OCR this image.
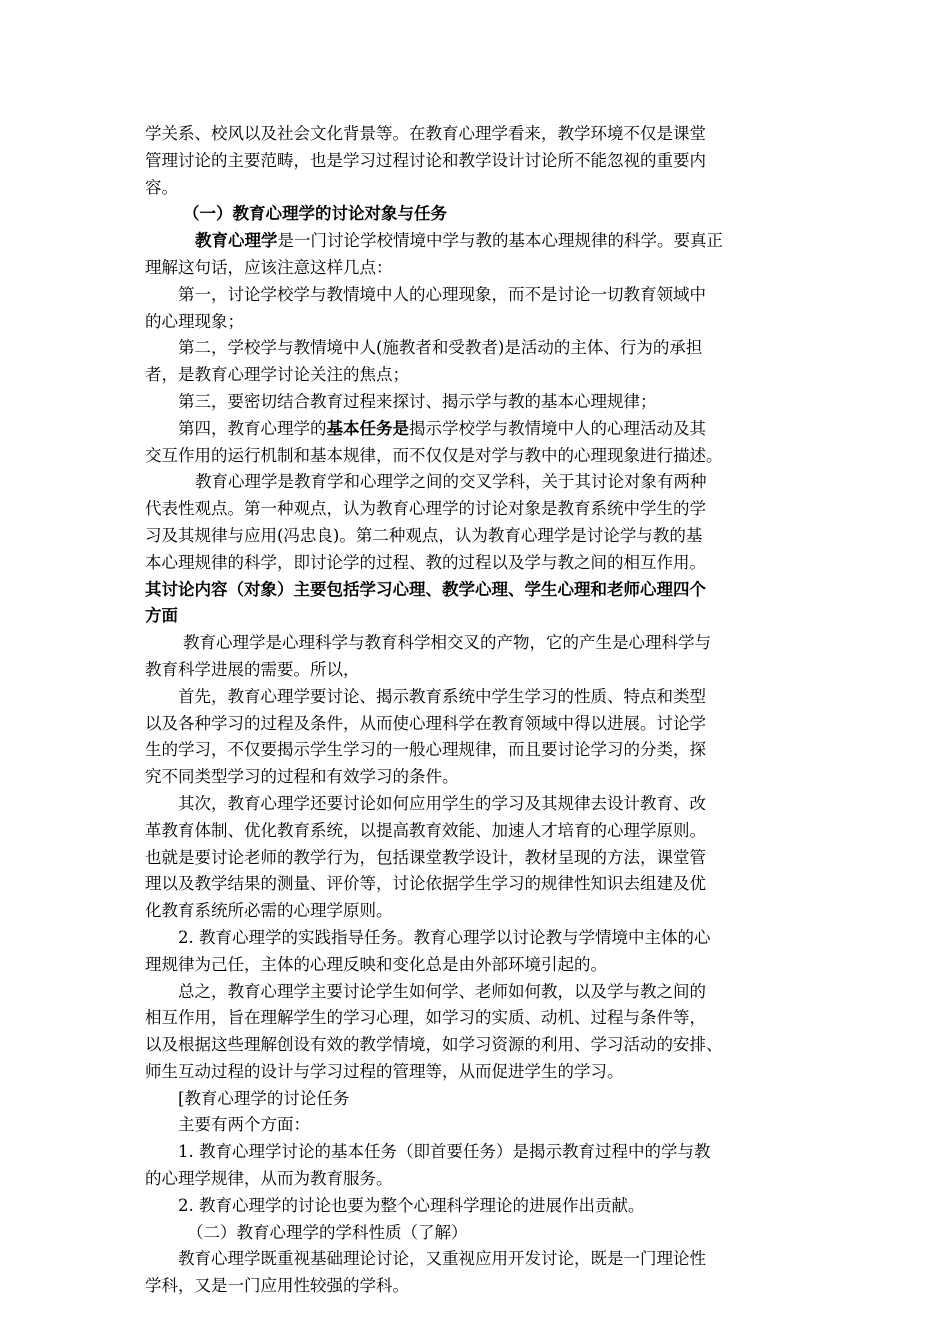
学关系、校风以及社会文化背景等。在教育心理学看来，教学环境不仅是课堂

管理讨论的主要范畴，也是学习过程讨论和教学设计讨论所不能忽视的重要内

容。

（一）教育心理学的讨论对象与任务

教育心理学是一门讨论学校情境中学与教的基本心理规律的科学。要真正

理解这句话，应该注意这样几点：

第一，讨论学校学与教情境中人的心理现象，而不是讨论一切教育领域中

的心理现象；

第二，学校学与教情境中人(施教者和受教者)是活动的主体、行为的承担

者，是教育心理学讨论关注的焦点；

第三，要密切结合教育过程来探讨、揭示学与教的基本心理规律；

第四，教育心理学的基本任务是揭示学校学与教情境中人的心理活动及其

交互作用的运行机制和基本规律，而不仅仅是对学与教中的心理现象进行描述。

教育心理学是教育学和心理学之间的交叉学科，关于其讨论对象有两种

代表性观点。第一种观点，认为教育心理学的讨论对象是教育系统中学生的学

习及其规律与应用(冯忠良)。第二种观点，认为教育心理学是讨论学与教的基

本心理规律的科学，即讨论学的过程、教的过程以及学与教之间的相互作用。

其讨论内容（对象）主要包括学习心理、教学心理、学生心理和老师心理四个

方面

教育心理学是心理科学与教育科学相交叉的产物，它的产生是心理科学与

教育科学进展的需要。所以，

首先，教育心理学要讨论、揭示教育系统中学生学习的性质、特点和类型

以及各种学习的过程及条件，从而使心理科学在教育领域中得以进展。讨论学

生的学习，不仅要揭示学生学习的一般心理规律，而且要讨论学习的分类，探

究不同类型学习的过程和有效学习的条件。

其次，教育心理学还要讨论如何应用学生的学习及其规律去设计教育、改

革教育体制、优化教育系统，以提高教育效能、加速人才培育的心理学原则。

也就是要讨论老师的教学行为，包括课堂教学设计，教材呈现的方法，课堂管

理以及教学结果的测量、评价等，讨论依据学生学习的规律性知识去组建及优

化教育系统所必需的心理学原则。

2. 教育心理学的实践指导任务。教育心理学以讨论教与学情境中主体的心

理规律为己任，主体的心理反映和变化总是由外部环境引起的。

总之，教育心理学主要讨论学生如何学、老师如何教，以及学与教之间的

相互作用，旨在理解学生的学习心理，如学习的实质、动机、过程与条件等，

以及根据这些理解创设有效的教学情境，如学习资源的利用、学习活动的安排、

师生互动过程的设计与学习过程的管理等，从而促进学生的学习。

[教育心理学的讨论任务

主要有两个方面：

1. 教育心理学讨论的基本任务（即首要任务）是揭示教育过程中的学与教

的心理学规律，从而为教育服务。

2. 教育心理学的讨论也要为整个心理科学理论的进展作出贡献。

（二）教育心理学的学科性质（了解）

教育心理学既重视基础理论讨论，又重视应用开发讨论，既是一门理论性

学科，又是一门应用性较强的学科。
